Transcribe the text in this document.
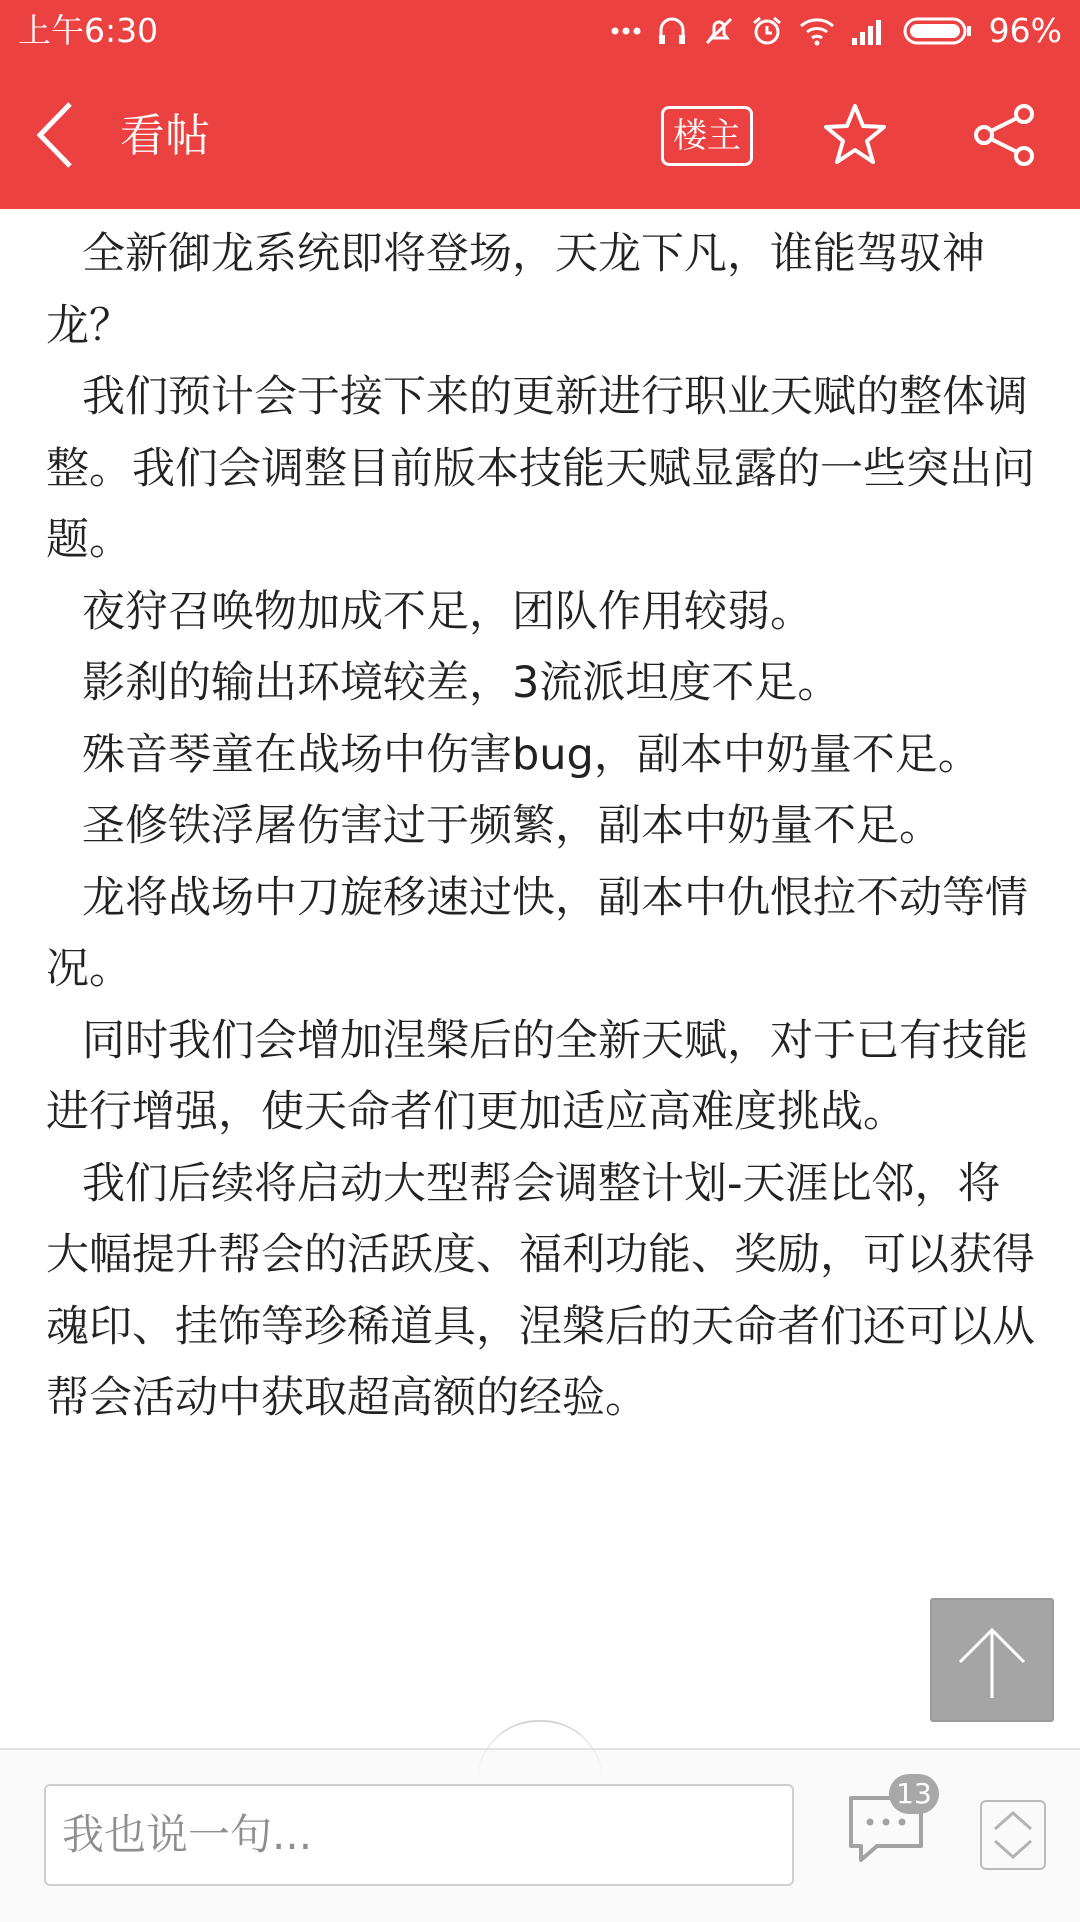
上午6:30	96%
看帖	楼主

全新御龙系统即将登场，天龙下凡，谁能驾驭神龙？

我们预计会于接下来的更新进行职业天赋的整体调整。我们会调整目前版本技能天赋显露的一些突出问题。

夜狩召唤物加成不足，团队作用较弱。

影刹的输出环境较差，3流派坦度不足。

殊音琴童在战场中伤害bug，副本中奶量不足。

圣修铁浮屠伤害过于频繁，副本中奶量不足。

龙将战场中刀旋移速过快，副本中仇恨拉不动等情况。

同时我们会增加涅槃后的全新天赋，对于已有技能进行增强，使天命者们更加适应高难度挑战。

我们后续将启动大型帮会调整计划-天涯比邻，将大幅提升帮会的活跃度、福利功能、奖励，可以获得魂印、挂饰等珍稀道具，涅槃后的天命者们还可以从帮会活动中获取超高额的经验。

我也说一句...
13
